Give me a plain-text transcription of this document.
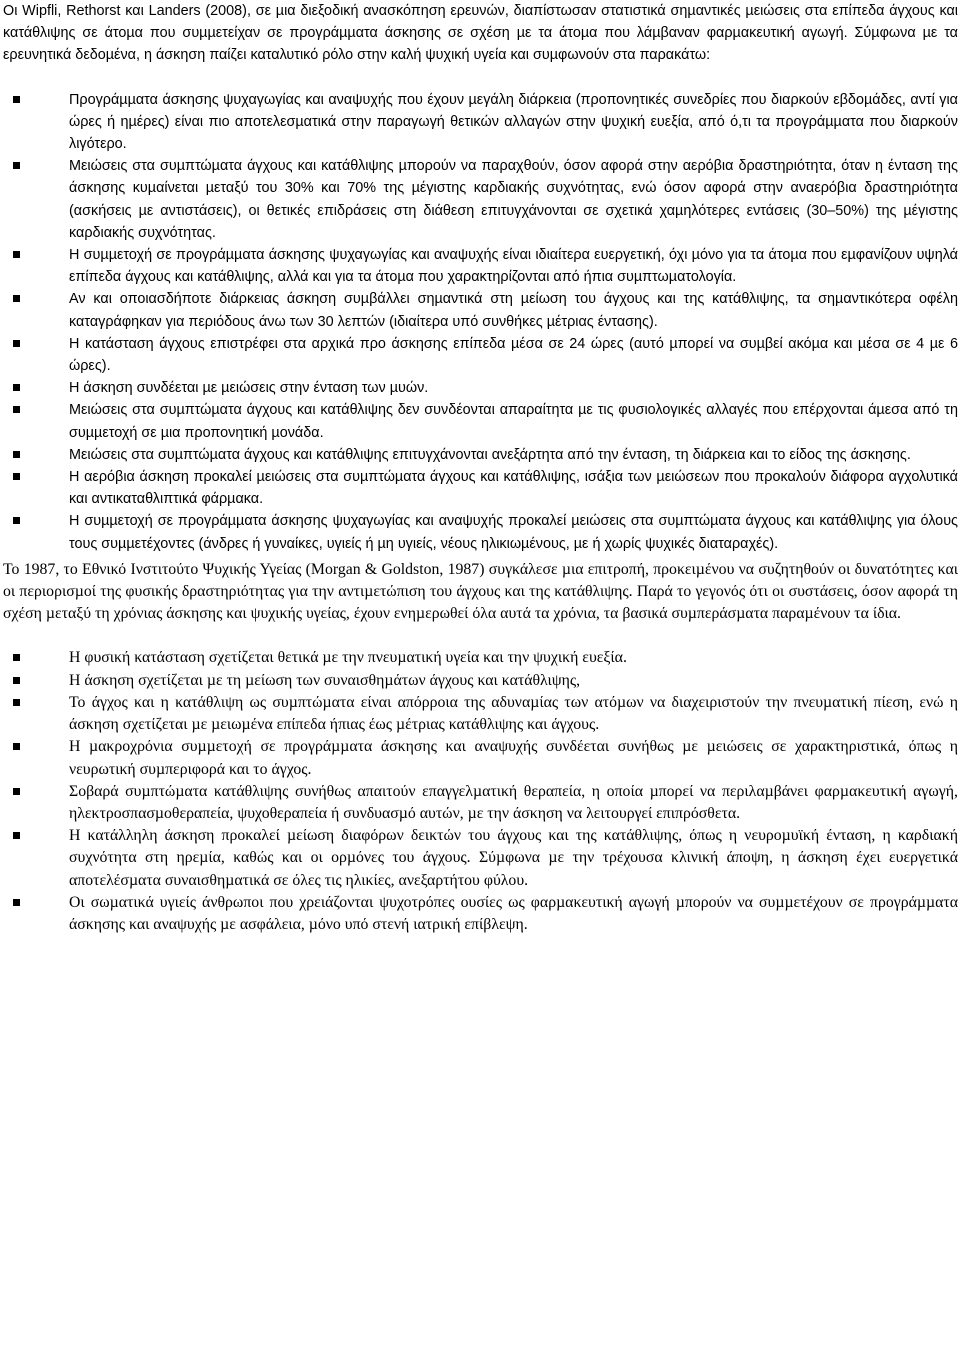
Οι Wipfli, Rethorst και Landers (2008), σε µια διεξοδική ανασκόπηση ερευνών, διαπίστωσαν στατιστικά σηµαντικές µειώσεις στα επίπεδα άγχους και κατάθλιψης σε άτοµα που συµµετείχαν σε προγράµµατα άσκησης σε σχέση µε τα άτοµα που λάµβαναν φαρµακευτική αγωγή. Σύµφωνα µε τα ερευνητικά δεδοµένα, η άσκηση παίζει καταλυτικό ρόλο στην καλή ψυχική υγεία και συµφωνούν στα παρακάτω:

Προγράµµατα άσκησης ψυχαγωγίας και αναψυχής που έχουν µεγάλη διάρκεια (προπονητικές συνεδρίες που διαρκούν εβδοµάδες, αντί για ώρες ή ηµέρες) είναι πιο αποτελεσµατικά στην παραγωγή θετικών αλλαγών στην ψυχική ευεξία, από ό,τι τα προγράµµατα που διαρκούν λιγότερο.
Μειώσεις στα συµπτώµατα άγχους και κατάθλιψης µπορούν να παραχθούν, όσον αφορά στην αερόβια δραστηριότητα, όταν η ένταση της άσκησης κυµαίνεται µεταξύ του 30% και 70% της µέγιστης καρδιακής συχνότητας, ενώ όσον αφορά στην αναερόβια δραστηριότητα (ασκήσεις µε αντιστάσεις), οι θετικές επιδράσεις στη διάθεση επιτυγχάνονται σε σχετικά χαµηλότερες εντάσεις (30–50%) της µέγιστης καρδιακής συχνότητας.
Η συµµετοχή σε προγράµµατα άσκησης ψυχαγωγίας και αναψυχής είναι ιδιαίτερα ευεργετική, όχι µόνο για τα άτοµα που εµφανίζουν υψηλά επίπεδα άγχους και κατάθλιψης, αλλά και για τα άτοµα που χαρακτηρίζονται από ήπια συµπτωµατολογία.
Αν και οποιασδήποτε διάρκειας άσκηση συµβάλλει σηµαντικά στη µείωση του άγχους και της κατάθλιψης, τα σηµαντικότερα οφέλη καταγράφηκαν για περιόδους άνω των 30 λεπτών (ιδιαίτερα υπό συνθήκες µέτριας έντασης).
Η κατάσταση άγχους επιστρέφει στα αρχικά προ άσκησης επίπεδα µέσα σε 24 ώρες (αυτό µπορεί να συµβεί ακόµα και µέσα σε 4 µε 6 ώρες).
Η άσκηση συνδέεται µε µειώσεις στην ένταση των µυών.
Μειώσεις στα συµπτώµατα άγχους και κατάθλιψης δεν συνδέονται απαραίτητα µε τις φυσιολογικές αλλαγές που επέρχονται άµεσα από τη συµµετοχή σε µια προπονητική µονάδα.
Μειώσεις στα συµπτώµατα άγχους και κατάθλιψης επιτυγχάνονται ανεξάρτητα από την ένταση, τη διάρκεια και το είδος της άσκησης.
Η αερόβια άσκηση προκαλεί µειώσεις στα συµπτώµατα άγχους και κατάθλιψης, ισάξια των µειώσεων που προκαλούν διάφορα αγχολυτικά και αντικαταθλιπτικά φάρµακα.
Η συµµετοχή σε προγράµµατα άσκησης ψυχαγωγίας και αναψυχής προκαλεί µειώσεις στα συµπτώµατα άγχους και κατάθλιψης για όλους τους συµµετέχοντες (άνδρες ή γυναίκες, υγιείς ή µη υγιείς, νέους ηλικιωµένους, µε ή χωρίς ψυχικές διαταραχές).

Το 1987, το Εθνικό Ινστιτούτο Ψυχικής Υγείας (Morgan & Goldston, 1987) συγκάλεσε µια επιτροπή, προκειµένου να συζητηθούν οι δυνατότητες και οι περιορισµοί της φυσικής δραστηριότητας για την αντιµετώπιση του άγχους και της κατάθλιψης. Παρά το γεγονός ότι οι συστάσεις, όσον αφορά τη σχέση µεταξύ τη χρόνιας άσκησης και ψυχικής υγείας, έχουν ενηµερωθεί όλα αυτά τα χρόνια, τα βασικά συµπεράσµατα παραµένουν τα ίδια.

Η φυσική κατάσταση σχετίζεται θετικά µε την πνευµατική υγεία και την ψυχική ευεξία.
Η άσκηση σχετίζεται µε τη µείωση των συναισθηµάτων άγχους και κατάθλιψης,
Το άγχος και η κατάθλιψη ως συµπτώµατα είναι απόρροια της αδυναµίας των ατόµων να διαχειριστούν την πνευµατική πίεση, ενώ η άσκηση σχετίζεται µε µειωµένα επίπεδα ήπιας έως µέτριας κατάθλιψης και άγχους.
Η µακροχρόνια συµµετοχή σε προγράµµατα άσκησης και αναψυχής συνδέεται συνήθως µε µειώσεις σε χαρακτηριστικά, όπως η νευρωτική συµπεριφορά και το άγχος.
Σοβαρά συµπτώµατα κατάθλιψης συνήθως απαιτούν επαγγελµατική θεραπεία, η οποία µπορεί να περιλαµβάνει φαρµακευτική αγωγή, ηλεκτροσπασµοθεραπεία, ψυχοθεραπεία ή συνδυασµό αυτών, µε την άσκηση να λειτουργεί επιπρόσθετα.
Η κατάλληλη άσκηση προκαλεί µείωση διαφόρων δεικτών του άγχους και της κατάθλιψης, όπως η νευροµυϊκή ένταση, η καρδιακή συχνότητα στη ηρεµία, καθώς και οι ορµόνες του άγχους. Σύµφωνα µε την τρέχουσα κλινική άποψη, η άσκηση έχει ευεργετικά αποτελέσµατα συναισθηµατικά σε όλες τις ηλικίες, ανεξαρτήτου φύλου.
Οι σωµατικά υγιείς άνθρωποι που χρειάζονται ψυχοτρόπες ουσίες ως φαρµακευτική αγωγή µπορούν να συµµετέχουν σε προγράµµατα άσκησης και αναψυχής µε ασφάλεια, µόνο υπό στενή ιατρική επίβλεψη.
